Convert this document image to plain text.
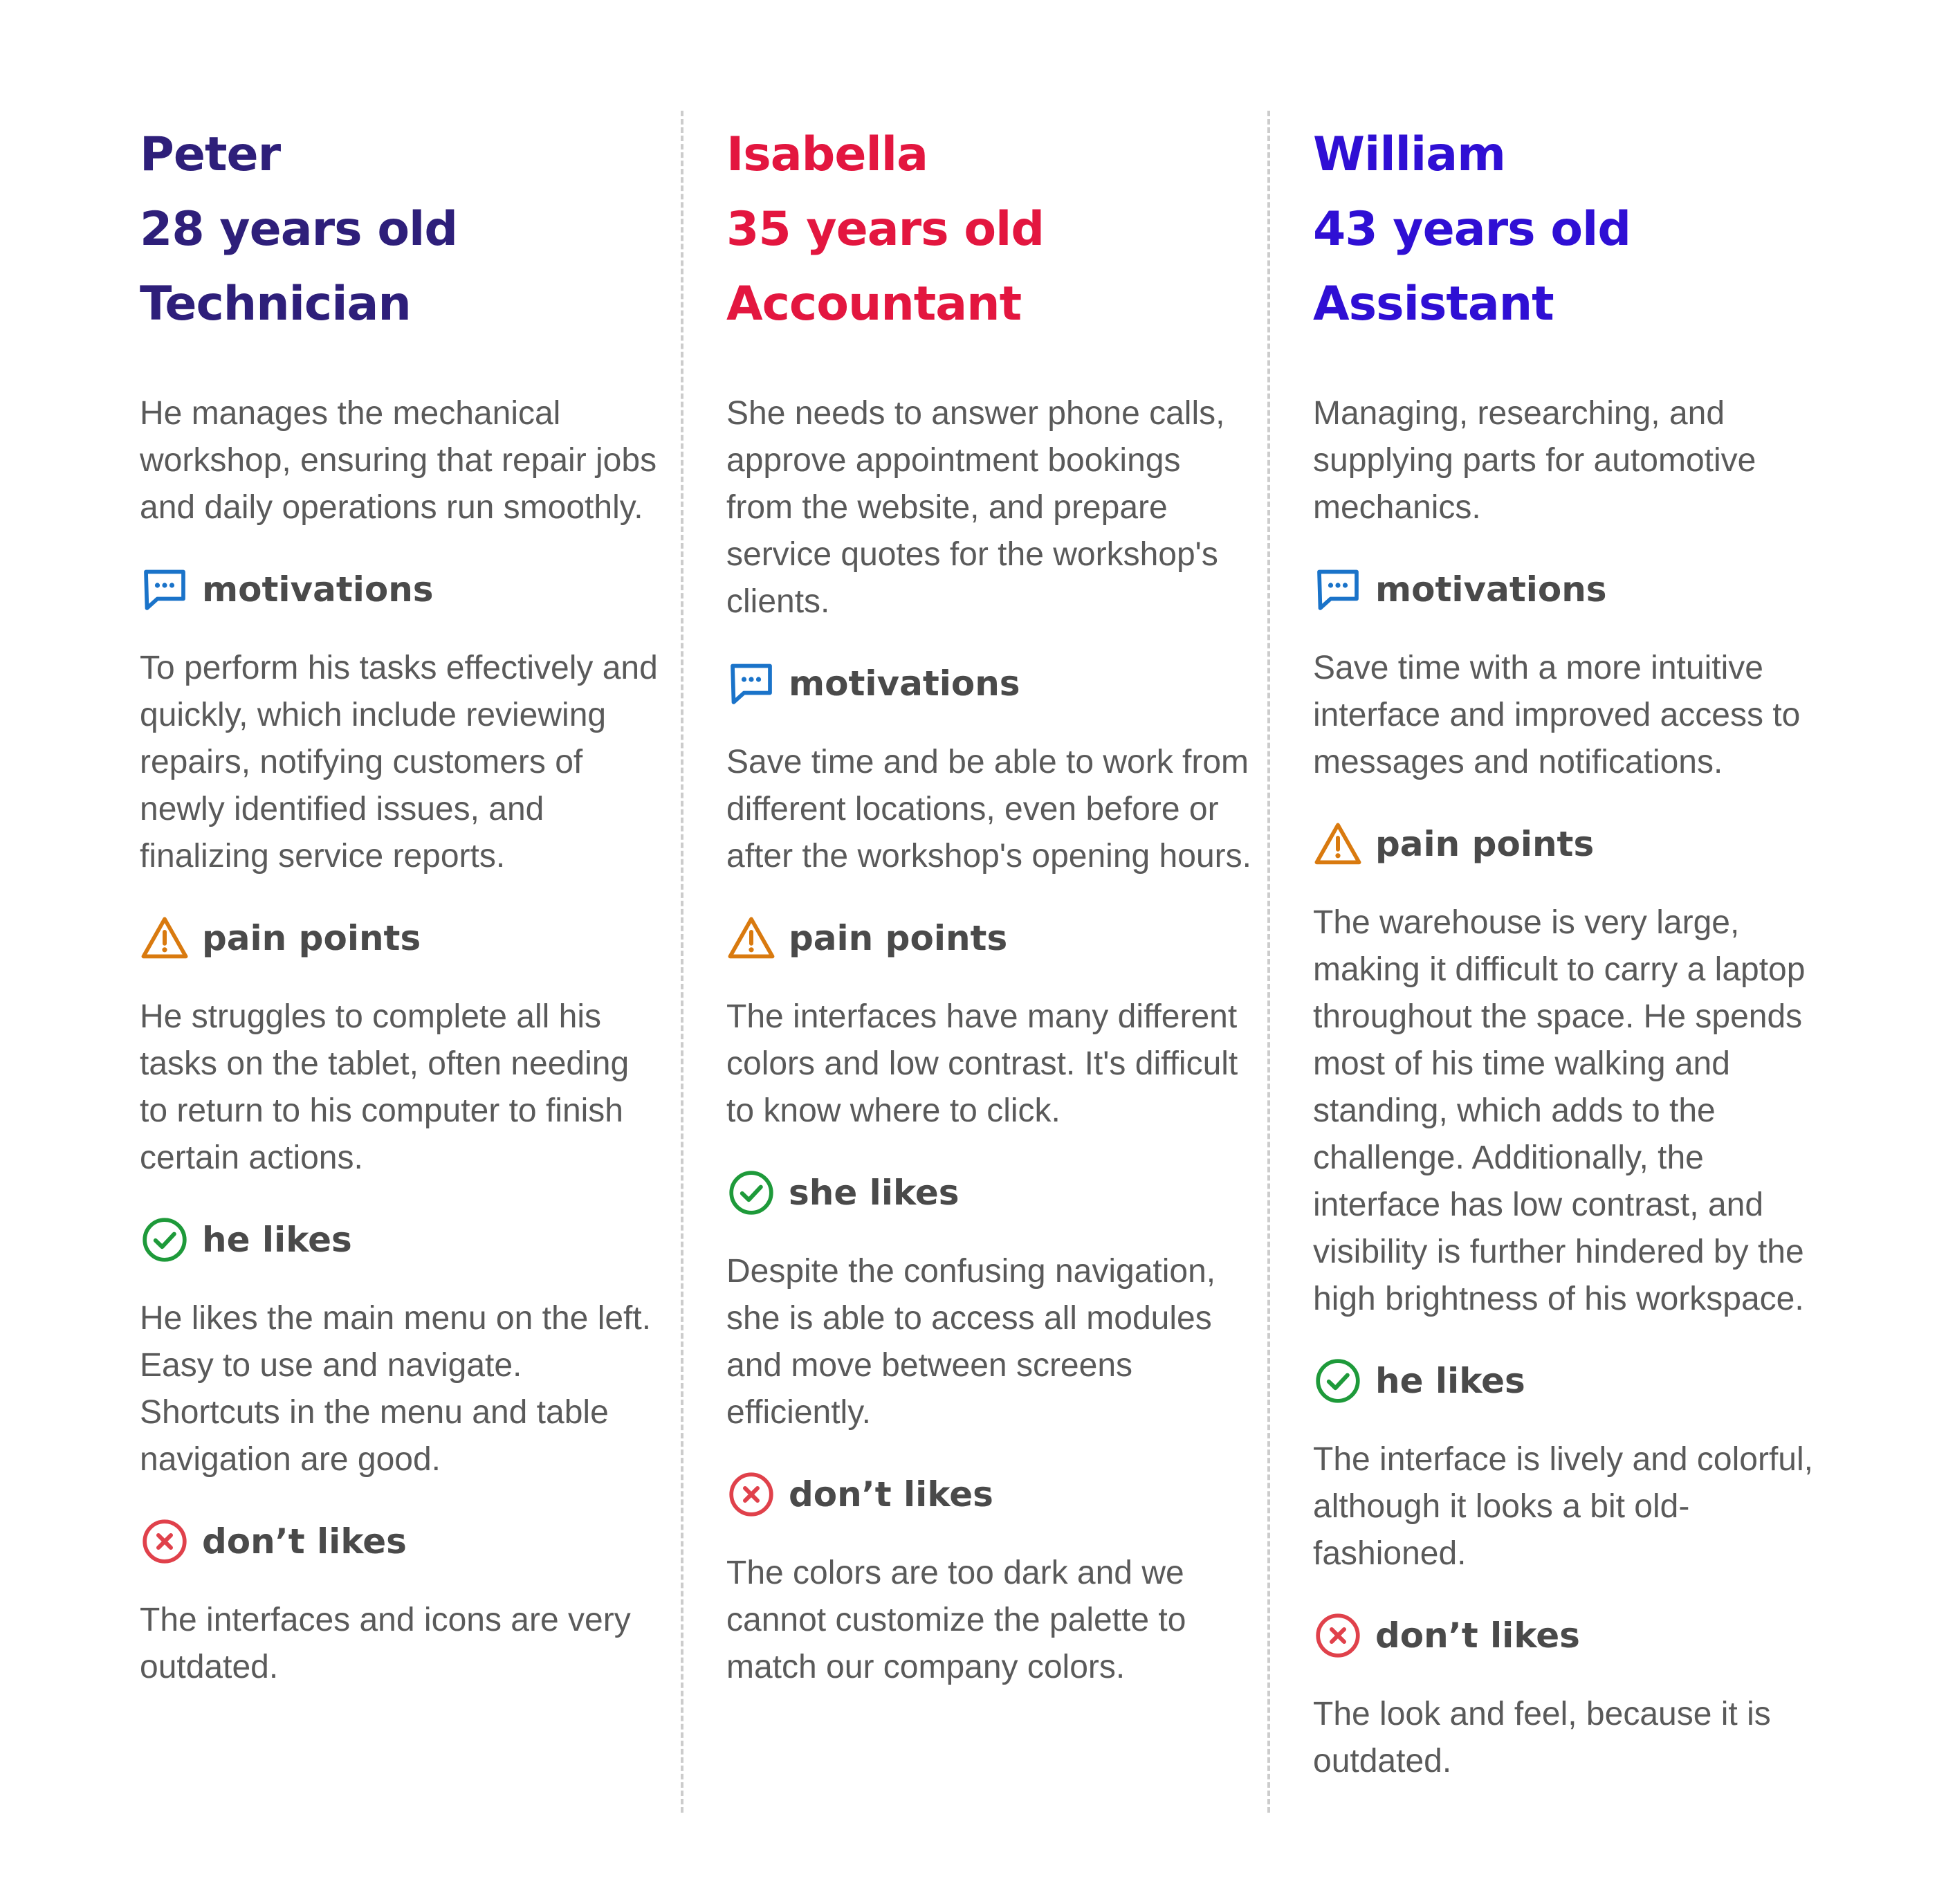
Peter
28 years old
Technician

He manages the mechanical workshop, ensuring that repair jobs and daily operations run smoothly.

motivations

To perform his tasks effectively and quickly, which include reviewing repairs, notifying customers of newly identified issues, and finalizing service reports.

pain points

He struggles to complete all his tasks on the tablet, often needing to return to his computer to finish certain actions.

he likes

He likes the main menu on the left. Easy to use and navigate. Shortcuts in the menu and table navigation are good.

don’t likes

The interfaces and icons are very outdated.

Isabella
35 years old
Accountant

She needs to answer phone calls, approve appointment bookings from the website, and prepare service quotes for the workshop's clients.

motivations

Save time and be able to work from different locations, even before or after the workshop's opening hours.

pain points

The interfaces have many different colors and low contrast. It's difficult to know where to click.

she likes

Despite the confusing navigation, she is able to access all modules and move between screens efficiently.

don’t likes

The colors are too dark and we cannot customize the palette to match our company colors.

William
43 years old
Assistant

Managing, researching, and supplying parts for automotive mechanics.

motivations

Save time with a more intuitive interface and improved access to messages and notifications.

pain points

The warehouse is very large, making it difficult to carry a laptop throughout the space. He spends most of his time walking and standing, which adds to the challenge. Additionally, the interface has low contrast, and visibility is further hindered by the high brightness of his workspace.

he likes

The interface is lively and colorful, although it looks a bit old-fashioned.

don’t likes

The look and feel, because it is outdated.
